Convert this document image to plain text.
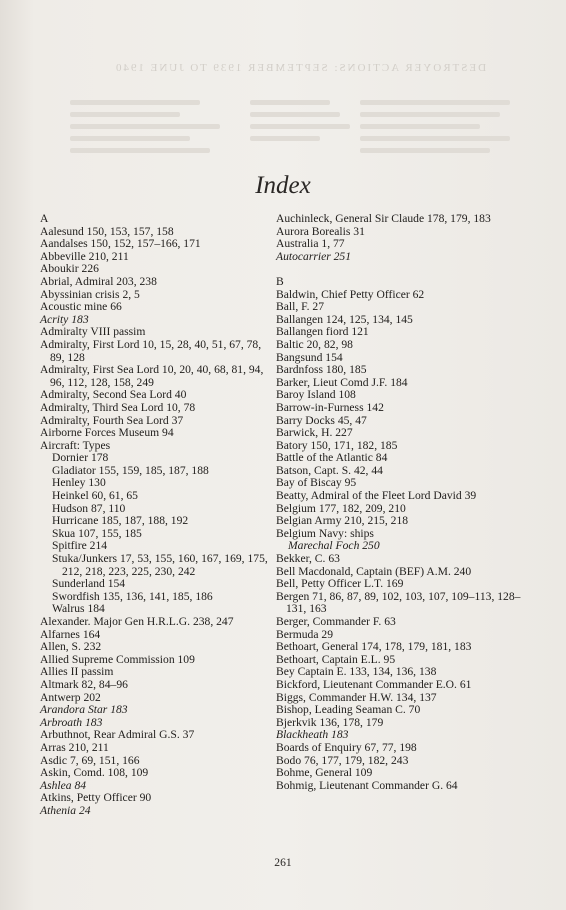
DESTROYER ACTIONS: SEPTEMBER 1939 TO JUNE 1940
Index

A

Aalesund 150, 153, 157, 158

Aandalses 150, 152, 157–166, 171

Abbeville 210, 211

Aboukir 226

Abrial, Admiral 203, 238

Abyssinian crisis 2, 5

Acoustic mine 66

Acrity 183

Admiralty VIII passim

Admiralty, First Lord 10, 15, 28, 40, 51, 67, 78, 89, 128

Admiralty, First Sea Lord 10, 20, 40, 68, 81, 94, 96, 112, 128, 158, 249

Admiralty, Second Sea Lord 40

Admiralty, Third Sea Lord 10, 78

Admiralty, Fourth Sea Lord 37

Airborne Forces Museum 94

Aircraft: Types

Dornier 178

Gladiator 155, 159, 185, 187, 188

Henley 130

Heinkel 60, 61, 65

Hudson 87, 110

Hurricane 185, 187, 188, 192

Skua 107, 155, 185

Spitfire 214

Stuka/Junkers 17, 53, 155, 160, 167, 169, 175, 212, 218, 223, 225, 230, 242

Sunderland 154

Swordfish 135, 136, 141, 185, 186

Walrus 184

Alexander. Major Gen H.R.L.G. 238, 247

Alfarnes 164

Allen, S. 232

Allied Supreme Commission 109

Allies II passim

Altmark 82, 84–96

Antwerp 202

Arandora Star 183

Arbroath 183

Arbuthnot, Rear Admiral G.S. 37

Arras 210, 211

Asdic 7, 69, 151, 166

Askin, Comd. 108, 109

Ashlea 84

Atkins, Petty Officer 90

Athenia 24

Auchinleck, General Sir Claude 178, 179, 183

Aurora Borealis 31

Australia 1, 77

Autocarrier 251

B

Baldwin, Chief Petty Officer 62

Ball, F. 27

Ballangen 124, 125, 134, 145

Ballangen fiord 121

Baltic 20, 82, 98

Bangsund 154

Bardnfoss 180, 185

Barker, Lieut Comd J.F. 184

Baroy Island 108

Barrow-in-Furness 142

Barry Docks 45, 47

Barwick, H. 227

Batory 150, 171, 182, 185

Battle of the Atlantic 84

Batson, Capt. S. 42, 44

Bay of Biscay 95

Beatty, Admiral of the Fleet Lord David 39

Belgium 177, 182, 209, 210

Belgian Army 210, 215, 218

Belgium Navy: ships

Marechal Foch 250

Bekker, C. 63

Bell Macdonald, Captain (BEF) A.M. 240

Bell, Petty Officer L.T. 169

Bergen 71, 86, 87, 89, 102, 103, 107, 109–113, 128–131, 163

Berger, Commander F. 63

Bermuda 29

Bethoart, General 174, 178, 179, 181, 183

Bethoart, Captain E.L. 95

Bey Captain E. 133, 134, 136, 138

Bickford, Lieutenant Commander E.O. 61

Biggs, Commander H.W. 134, 137

Bishop, Leading Seaman C. 70

Bjerkvik 136, 178, 179

Blackheath 183

Boards of Enquiry 67, 77, 198

Bodo 76, 177, 179, 182, 243

Bohme, General 109

Bohmig, Lieutenant Commander G. 64

261
